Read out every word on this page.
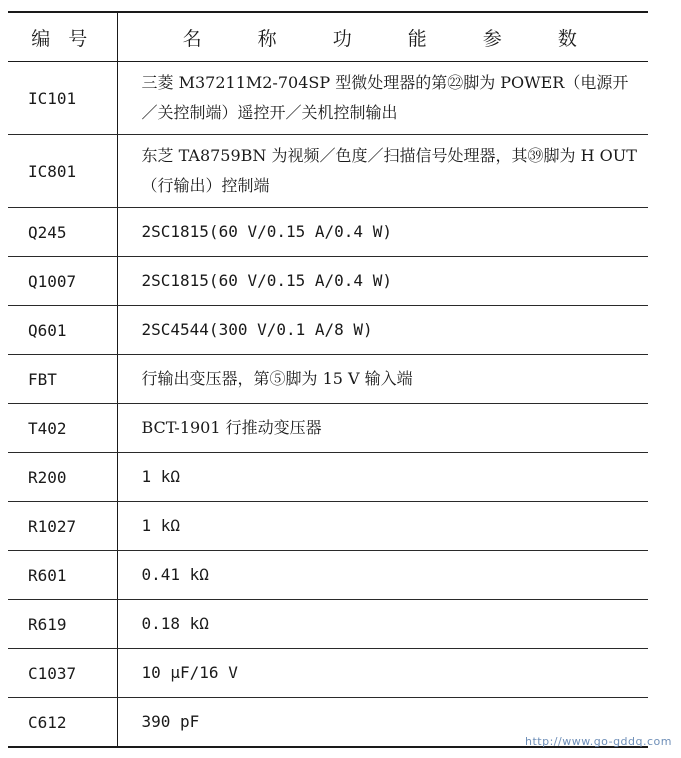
编 号	名 称 功 能 参 数
IC101	三菱 M37211M2-704SP 型微处理器的第㉒脚为 POWER（电源开／关控制端）遥控开／关机控制输出
IC801	东芝 TA8759BN 为视频／色度／扫描信号处理器，其㊴脚为 H OUT（行输出）控制端
Q245	2SC1815(60 V/0.15 A/0.4 W)
Q1007	2SC1815(60 V/0.15 A/0.4 W)
Q601	2SC4544(300 V/0.1 A/8 W)
FBT	行输出变压器，第⑤脚为 15 V 输入端
T402	BCT-1901 行推动变压器
R200	1 kΩ
R1027	1 kΩ
R601	0.41 kΩ
R619	0.18 kΩ
C1037	10 μF/16 V
C612	390 pF
http://www.go-gddq.com
